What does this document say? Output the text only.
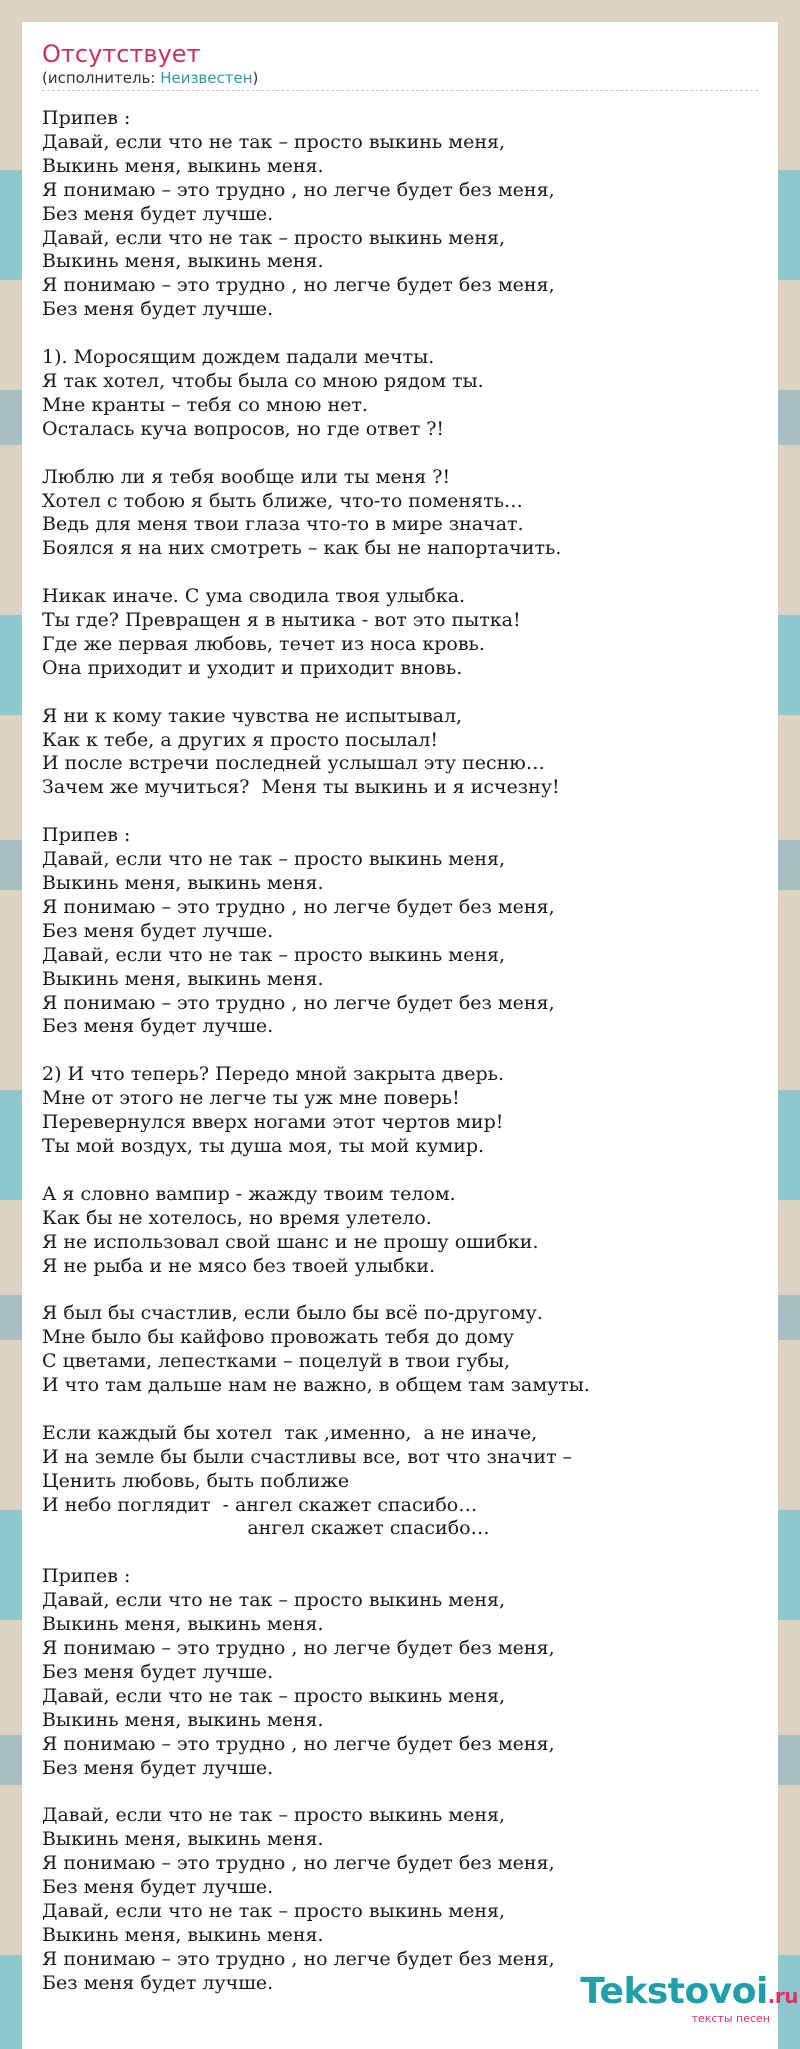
Отсутствует
(исполнитель: Неизвестен)
Припев :
Давай, если что не так – просто выкинь меня,
Выкинь меня, выкинь меня.
Я понимаю – это трудно , но легче будет без меня,
Без меня будет лучше.
Давай, если что не так – просто выкинь меня,
Выкинь меня, выкинь меня.
Я понимаю – это трудно , но легче будет без меня,
Без меня будет лучше.

1). Моросящим дождем падали мечты.
Я так хотел, чтобы была со мною рядом ты.
Мне кранты – тебя со мною нет.
Осталась куча вопросов, но где ответ ?!

Люблю ли я тебя вообще или ты меня ?!
Хотел с тобою я быть ближе, что-то поменять…
Ведь для меня твои глаза что-то в мире значат.
Боялся я на них смотреть – как бы не напортачить.

Никак иначе. С ума сводила твоя улыбка.
Ты где? Превращен я в нытика - вот это пытка!
Где же первая любовь, течет из носа кровь.
Она приходит и уходит и приходит вновь.

Я ни к кому такие чувства не испытывал,
Как к тебе, а других я просто посылал!
И после встречи последней услышал эту песню…
Зачем же мучиться?  Меня ты выкинь и я исчезну!

Припев :
Давай, если что не так – просто выкинь меня,
Выкинь меня, выкинь меня.
Я понимаю – это трудно , но легче будет без меня,
Без меня будет лучше.
Давай, если что не так – просто выкинь меня,
Выкинь меня, выкинь меня.
Я понимаю – это трудно , но легче будет без меня,
Без меня будет лучше.

2) И что теперь? Передо мной закрыта дверь.
Мне от этого не легче ты уж мне поверь!
Перевернулся вверх ногами этот чертов мир!
Ты мой воздух, ты душа моя, ты мой кумир.

А я словно вампир - жажду твоим телом.
Как бы не хотелось, но время улетело.
Я не использовал свой шанс и не прошу ошибки.
Я не рыба и не мясо без твоей улыбки.

Я был бы счастлив, если было бы всё по-другому.
Мне было бы кайфово провожать тебя до дому
С цветами, лепестками – поцелуй в твои губы,
И что там дальше нам не важно, в общем там замуты.

Если каждый бы хотел  так ,именно,  а не иначе,
И на земле бы были счастливы все, вот что значит –
Ценить любовь, быть поближе
И небо поглядит  - ангел скажет спасибо…
ангел скажет спасибо…

Припев :
Давай, если что не так – просто выкинь меня,
Выкинь меня, выкинь меня.
Я понимаю – это трудно , но легче будет без меня,
Без меня будет лучше.
Давай, если что не так – просто выкинь меня,
Выкинь меня, выкинь меня.
Я понимаю – это трудно , но легче будет без меня,
Без меня будет лучше.

Давай, если что не так – просто выкинь меня,
Выкинь меня, выкинь меня.
Я понимаю – это трудно , но легче будет без меня,
Без меня будет лучше.
Давай, если что не так – просто выкинь меня,
Выкинь меня, выкинь меня.
Я понимаю – это трудно , но легче будет без меня,
Без меня будет лучше.	Tekstovoi.ru
тексты песен
